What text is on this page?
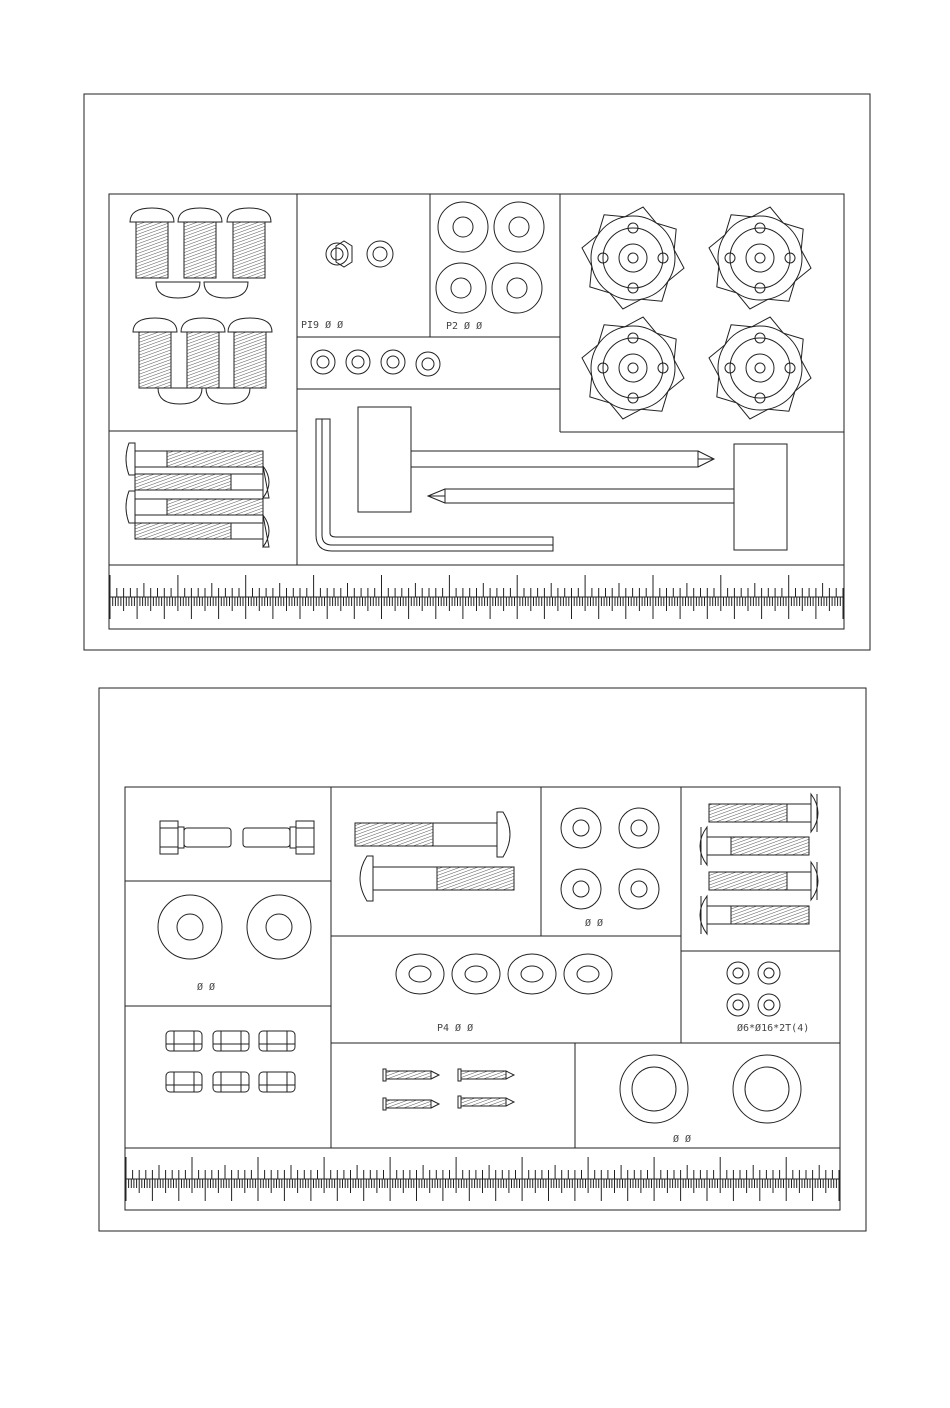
PI9 Ø Ø	P2 Ø Ø
Ø Ø
Ø Ø
P4 Ø Ø	Ø6*Ø16*2T(4)
Ø Ø
